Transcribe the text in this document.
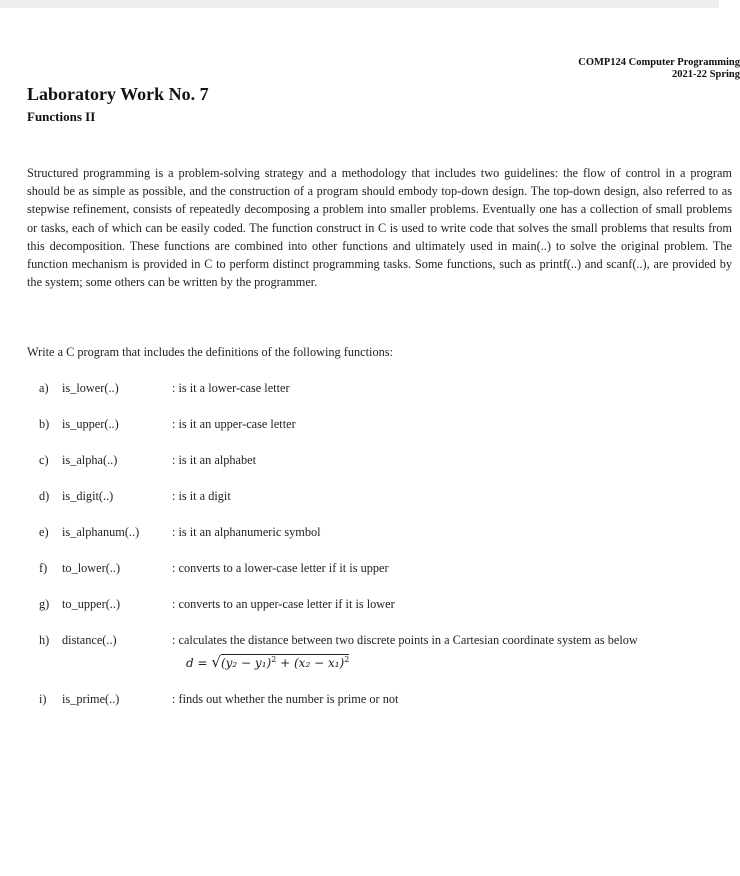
COMP124 Computer Programming
2021-22 Spring
Laboratory Work No. 7
Functions II
Structured programming is a problem-solving strategy and a methodology that includes two guidelines: the flow of control in a program should be as simple as possible, and the construction of a program should embody top-down design. The top-down design, also referred to as stepwise refinement, consists of repeatedly decomposing a problem into smaller problems. Eventually one has a collection of small problems or tasks, each of which can be easily coded. The function construct in C is used to write code that solves the small problems that results from this decomposition. These functions are combined into other functions and ultimately used in main(..) to solve the original problem. The function mechanism is provided in C to perform distinct programming tasks. Some functions, such as printf(..) and scanf(..), are provided by the system; some others can be written by the programmer.
Write a C program that includes the definitions of the following functions:
a) is_lower(..)	: is it a lower-case letter
b) is_upper(..)	: is it an upper-case letter
c) is_alpha(..)	: is it an alphabet
d) is_digit(..)	: is it a digit
e) is_alphanum(..)	: is it an alphanumeric symbol
f) to_lower(..)	: converts to a lower-case letter if it is upper
g) to_upper(..)	: converts to an upper-case letter if it is lower
h) distance(..)	: calculates the distance between two discrete points in a Cartesian coordinate system as below
i) is_prime(..)	: finds out whether the number is prime or not
$d = √(y_2 - y_1)^2 + (x_2 - x_1)^2$
